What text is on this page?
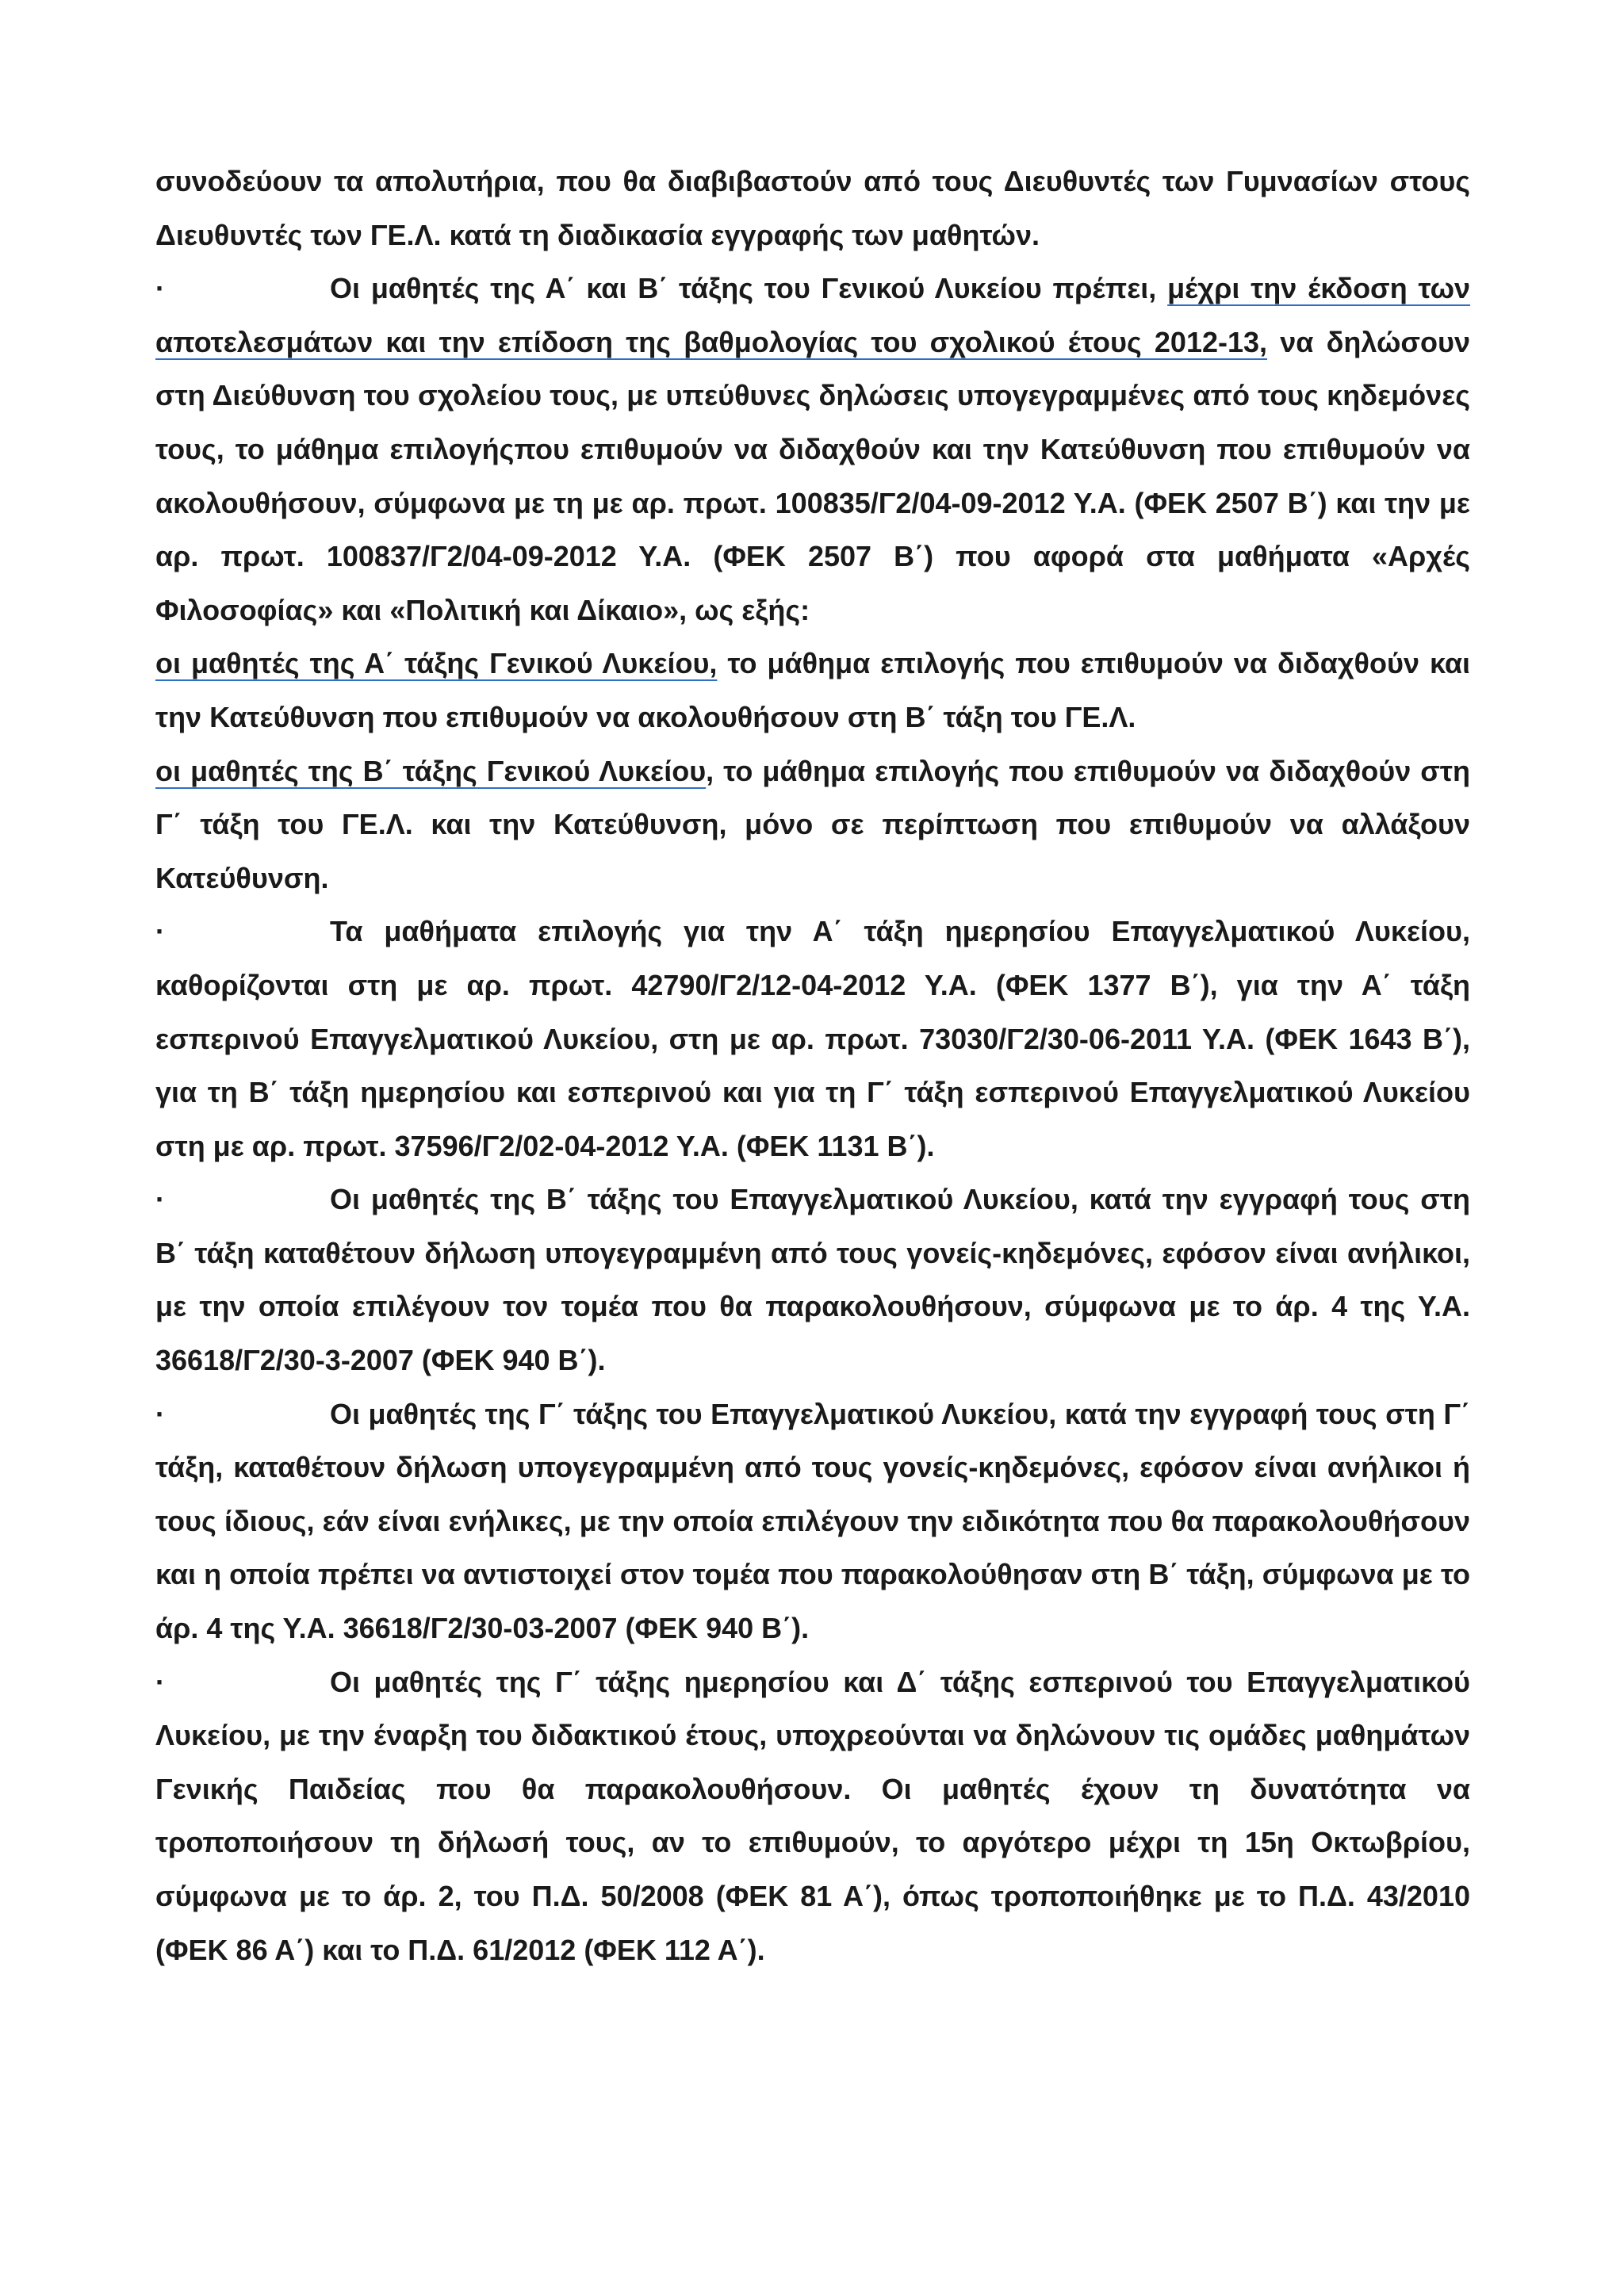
συνοδεύουν τα απολυτήρια, που θα διαβιβαστούν από τους Διευθυντές των Γυμνασίων στους Διευθυντές των ΓΕ.Λ. κατά τη διαδικασία εγγραφής των μαθητών.

·	Οι μαθητές της Α΄ και Β΄ τάξης του Γενικού Λυκείου πρέπει, μέχρι την έκδοση των αποτελεσμάτων και την επίδοση της βαθμολογίας του σχολικού έτους 2012-13, να δηλώσουν στη Διεύθυνση του σχολείου τους, με υπεύθυνες δηλώσεις υπογεγραμμένες από τους κηδεμόνες τους, το μάθημα επιλογήςπου επιθυμούν να διδαχθούν και την Κατεύθυνση που επιθυμούν να ακολουθήσουν, σύμφωνα με τη με αρ. πρωτ. 100835/Γ2/04-09-2012 Υ.Α. (ΦΕΚ 2507 Β΄) και την με αρ. πρωτ. 100837/Γ2/04-09-2012 Υ.Α. (ΦΕΚ 2507 Β΄) που αφορά στα μαθήματα «Αρχές Φιλοσοφίας» και «Πολιτική και Δίκαιο», ως εξής:

οι μαθητές της Α΄ τάξης Γενικού Λυκείου, το μάθημα επιλογής που επιθυμούν να διδαχθούν και την Κατεύθυνση που επιθυμούν να ακολουθήσουν στη Β΄ τάξη του ΓΕ.Λ.

οι μαθητές της Β΄ τάξης Γενικού Λυκείου, το μάθημα επιλογής που επιθυμούν να διδαχθούν στη Γ΄ τάξη του ΓΕ.Λ. και την Κατεύθυνση, μόνο σε περίπτωση που επιθυμούν να αλλάξουν Κατεύθυνση.

·	Τα μαθήματα επιλογής για την Α΄ τάξη ημερησίου Επαγγελματικού Λυκείου, καθορίζονται στη με αρ. πρωτ. 42790/Γ2/12-04-2012 Υ.Α. (ΦΕΚ 1377 Β΄), για την Α΄ τάξη εσπερινού Επαγγελματικού Λυκείου, στη με αρ. πρωτ. 73030/Γ2/30-06-2011 Υ.Α. (ΦΕΚ 1643 Β΄), για τη Β΄ τάξη ημερησίου και εσπερινού και για τη Γ΄ τάξη εσπερινού Επαγγελματικού Λυκείου στη με αρ. πρωτ. 37596/Γ2/02-04-2012 Υ.Α. (ΦΕΚ 1131 Β΄).

·	Οι μαθητές της Β΄ τάξης του Επαγγελματικού Λυκείου, κατά την εγγραφή τους στη Β΄ τάξη καταθέτουν δήλωση υπογεγραμμένη από τους γονείς-κηδεμόνες, εφόσον είναι ανήλικοι, με την οποία επιλέγουν τον τομέα που θα παρακολουθήσουν, σύμφωνα με το άρ. 4 της Υ.Α. 36618/Γ2/30-3-2007 (ΦΕΚ 940 Β΄).

·	Οι μαθητές της Γ΄ τάξης του Επαγγελματικού Λυκείου, κατά την εγγραφή τους στη Γ΄ τάξη, καταθέτουν δήλωση υπογεγραμμένη από τους γονείς-κηδεμόνες, εφόσον είναι ανήλικοι ή τους ίδιους, εάν είναι ενήλικες, με την οποία επιλέγουν την ειδικότητα που θα παρακολουθήσουν και η οποία πρέπει να αντιστοιχεί στον τομέα που παρακολούθησαν στη Β΄ τάξη, σύμφωνα με το άρ. 4 της Υ.Α. 36618/Γ2/30-03-2007 (ΦΕΚ 940 Β΄).

·	Οι μαθητές της Γ΄ τάξης ημερησίου και Δ΄ τάξης εσπερινού του Επαγγελματικού Λυκείου, με την έναρξη του διδακτικού έτους, υποχρεούνται να δηλώνουν τις ομάδες μαθημάτων Γενικής Παιδείας που θα παρακολουθήσουν. Οι μαθητές έχουν τη δυνατότητα να τροποποιήσουν τη δήλωσή τους, αν το επιθυμούν, το αργότερο μέχρι τη 15η Οκτωβρίου, σύμφωνα με το άρ. 2, του Π.Δ. 50/2008 (ΦΕΚ 81 Α΄), όπως τροποποιήθηκε με το Π.Δ. 43/2010 (ΦΕΚ 86 Α΄) και το Π.Δ. 61/2012 (ΦΕΚ 112 Α΄).
